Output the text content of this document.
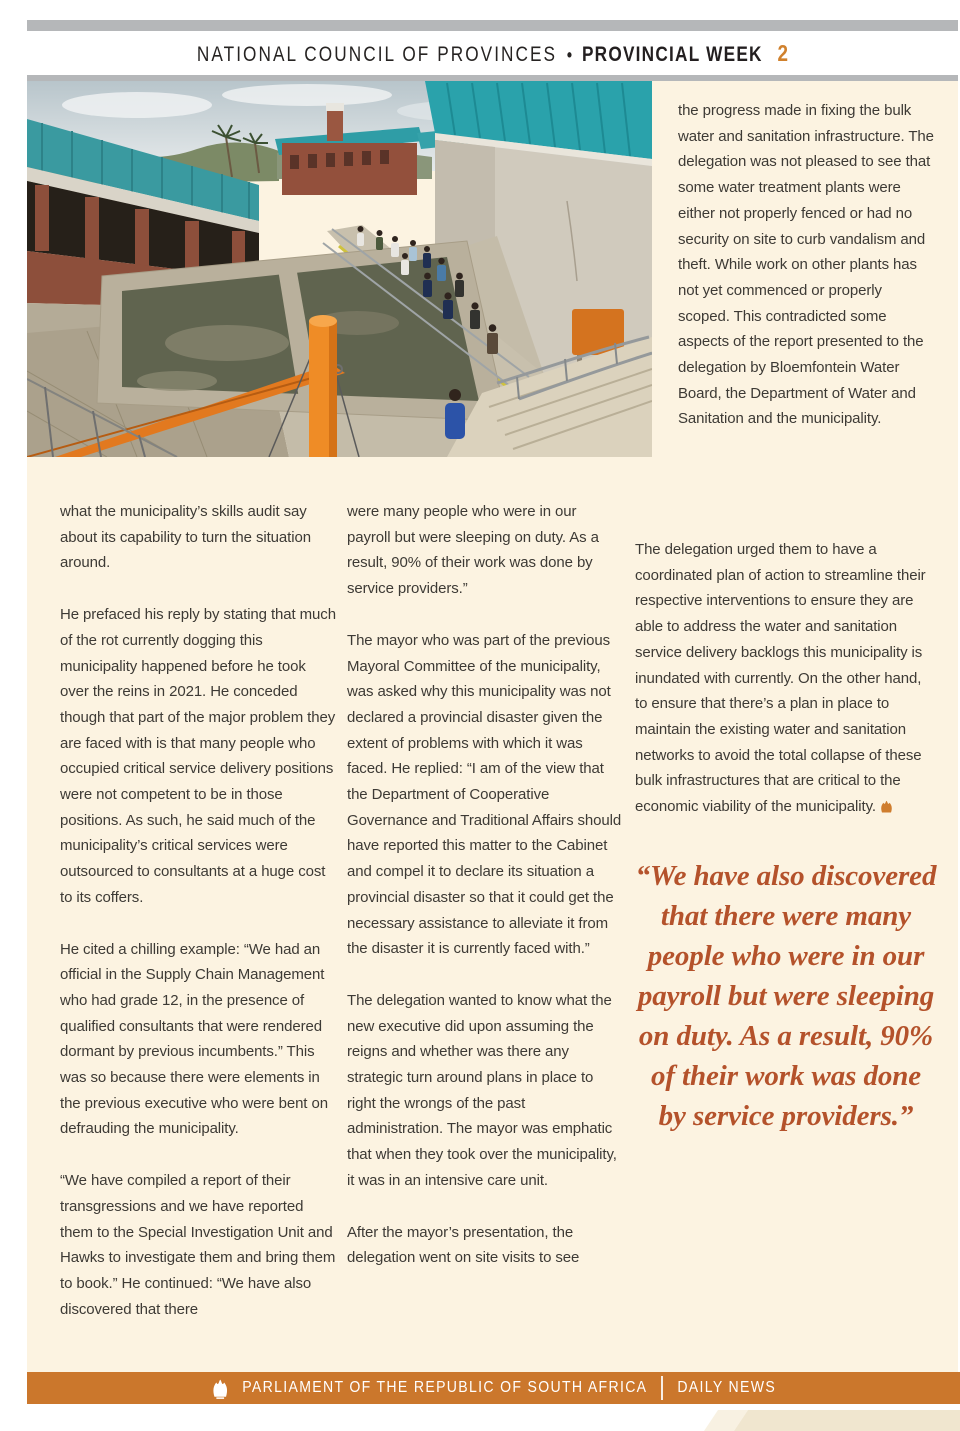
NATIONAL COUNCIL OF PROVINCES • PROVINCIAL WEEK 2

what the municipality’s skills audit say about its capability to turn the situation around.

He prefaced his reply by stating that much of the rot currently dogging this municipality happened before he took over the reins in 2021. He conceded though that part of the major problem they are faced with is that many people who occupied critical service delivery positions were not competent to be in those positions. As such, he said much of the municipality’s critical services were outsourced to consultants at a huge cost to its coffers.

He cited a chilling example: “We had an official in the Supply Chain Management who had grade 12, in the presence of qualified consultants that were rendered dormant by previous incumbents.” This was so because there were elements in the previous executive who were bent on defrauding the municipality.

“We have compiled a report of their transgressions and we have reported them to the Special Investigation Unit and Hawks to investigate them and bring them to book.” He continued: “We have also discovered that there

were many people who were in our payroll but were sleeping on duty. As a result, 90% of their work was done by service providers.”

The mayor who was part of the previous Mayoral Committee of the municipality, was asked why this municipality was not declared a provincial disaster given the extent of problems with which it was faced. He replied: “I am of the view that the Department of Cooperative Governance and Traditional Affairs should have reported this matter to the Cabinet and compel it to declare its situation a provincial disaster so that it could get the necessary assistance to alleviate it from the disaster it is currently faced with.”

The delegation wanted to know what the new executive did upon assuming the reigns and whether was there any strategic turn around plans in place to right the wrongs of the past administration. The mayor was emphatic that when they took over the municipality, it was in an intensive care unit.

After the mayor’s presentation, the delegation went on site visits to see

the progress made in fixing the bulk water and sanitation infrastructure. The delegation was not pleased to see that some water treatment plants were either not properly fenced or had no security on site to curb vandalism and theft. While work on other plants has not yet commenced or properly scoped. This contradicted some aspects of the report presented to the delegation by Bloemfontein Water Board, the Department of Water and Sanitation and the municipality.

The delegation urged them to have a coordinated plan of action to streamline their respective interventions to ensure they are able to address the water and sanitation service delivery backlogs this municipality is inundated with currently. On the other hand, to ensure that there’s a plan in place to maintain the existing water and sanitation networks to avoid the total collapse of these bulk infrastructures that are critical to the economic viability of the municipality.

“We have also discovered that there were many people who were in our payroll but were sleeping on duty. As a result, 90% of their work was done by service providers.”
PARLIAMENT OF THE REPUBLIC OF SOUTH AFRICA DAILY NEWS
